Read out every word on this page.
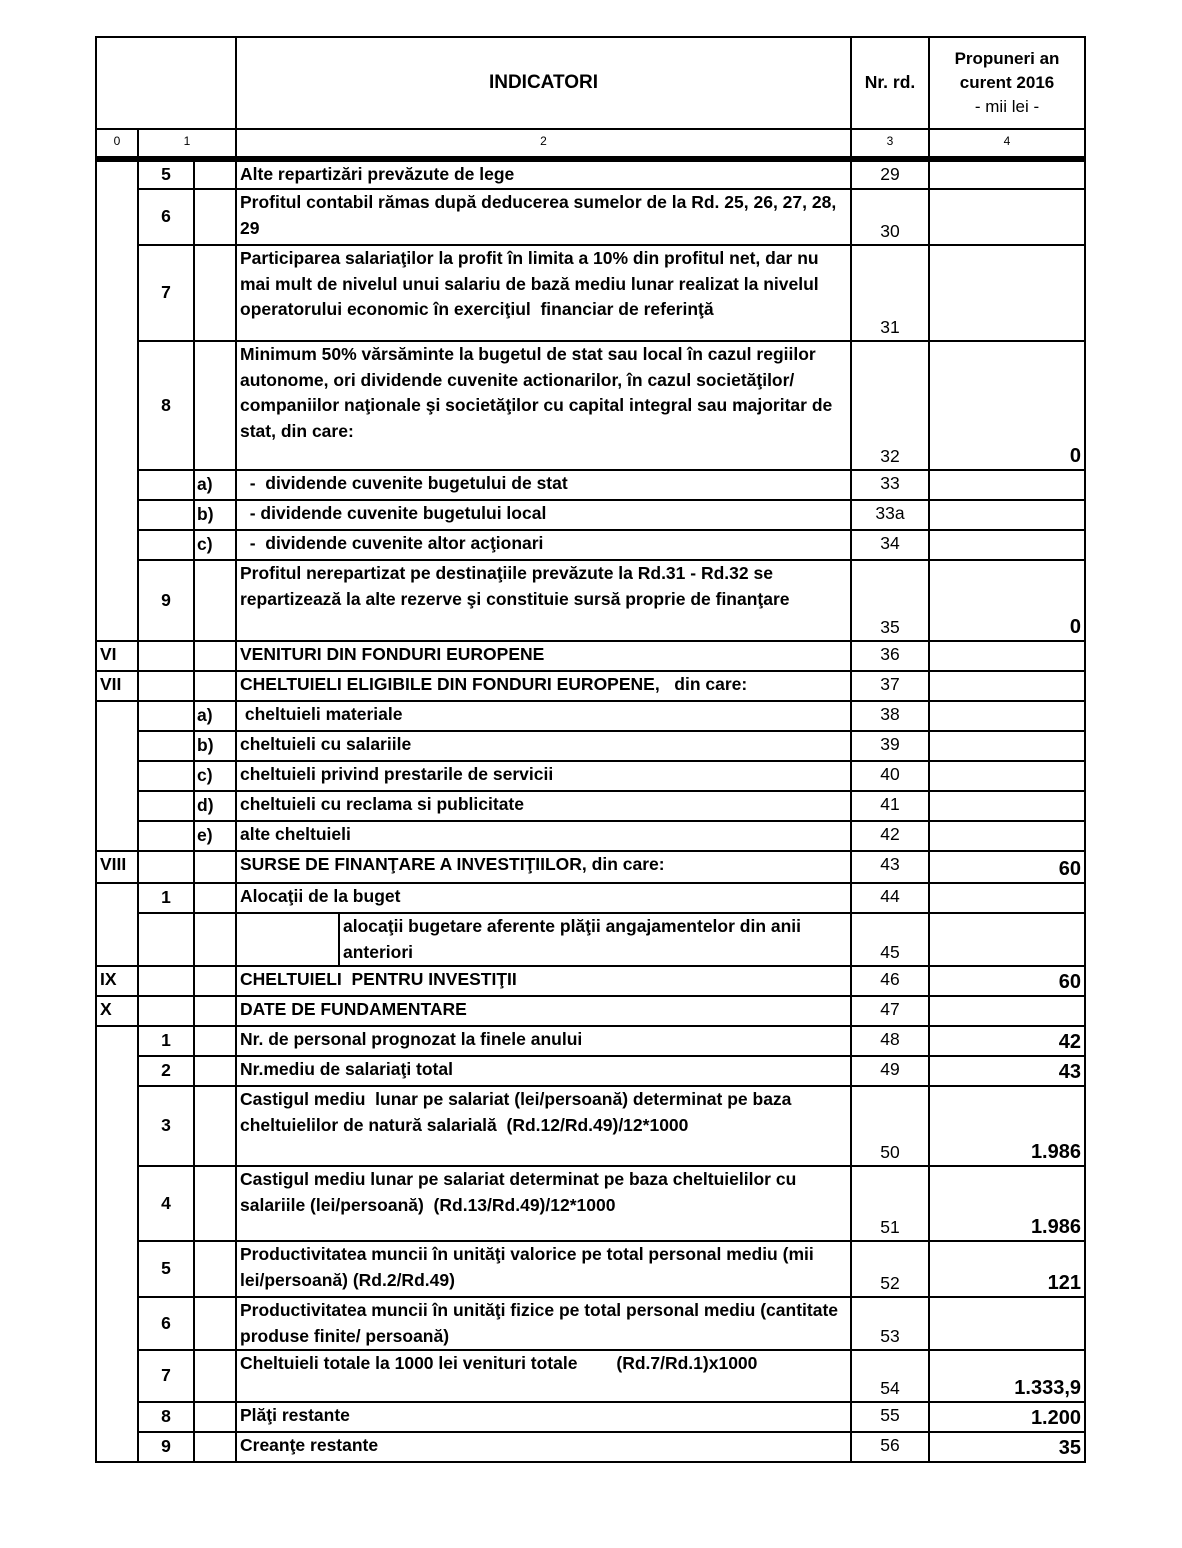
			INDICATORI	Nr. rd.	Propuneri an
curent 2016
- mii lei -

0	1		2	3	4
	5		Alte repartizări prevăzute de lege	29	
	6		Profitul contabil rămas după deducerea sumelor de la Rd. 25, 26, 27, 28, 29	30	
	7		Participarea salariaţilor la profit în limita a 10% din profitul net, dar nu mai mult de nivelul unui salariu de bază mediu lunar realizat la nivelul operatorului economic în exerciţiul  financiar de referinţă	31	
	8		Minimum 50% vărsăminte la bugetul de stat sau local în cazul regiilor autonome, ori dividende cuvenite actionarilor, în cazul societăţilor/ companiilor naţionale şi societăţilor cu capital integral sau majoritar de stat, din care:	32	0
		a)	-  dividende cuvenite bugetului de stat	33	
		b)	- dividende cuvenite bugetului local	33a	
		c)	-  dividende cuvenite altor acţionari	34	
	9		Profitul nerepartizat pe destinaţiile prevăzute la Rd.31 - Rd.32 se repartizează la alte rezerve şi constituie sursă proprie de finanţare	35	0
VI			VENITURI DIN FONDURI EUROPENE	36	
VII			CHELTUIELI ELIGIBILE DIN FONDURI EUROPENE,   din care:	37	
		a)	cheltuieli materiale	38	
		b)	cheltuieli cu salariile	39	
		c)	cheltuieli privind prestarile de servicii	40	
		d)	cheltuieli cu reclama si publicitate	41	
		e)	alte cheltuieli	42	
VIII			SURSE DE FINANŢARE A INVESTIŢIILOR, din care:	43	60
	1		Alocaţii de la buget	44	

			alocaţii bugetare aferente plăţii angajamentelor din anii anteriori	45	
IX			CHELTUIELI  PENTRU INVESTIŢII	46	60
X			DATE DE FUNDAMENTARE	47	
	1		Nr. de personal prognozat la finele anului	48	42
	2		Nr.mediu de salariaţi total	49	43
	3		Castigul mediu  lunar pe salariat (lei/persoană) determinat pe baza cheltuielilor de natură salarială  (Rd.12/Rd.49)/12*1000	50	1.986
	4		Castigul mediu lunar pe salariat determinat pe baza cheltuielilor cu salariile (lei/persoană)  (Rd.13/Rd.49)/12*1000	51	1.986
	5		Productivitatea muncii în unităţi valorice pe total personal mediu (mii lei/persoană) (Rd.2/Rd.49)	52	121
	6		Productivitatea muncii în unităţi fizice pe total personal mediu (cantitate produse finite/ persoană)	53	
	7		Cheltuieli totale la 1000 lei venituri totale        (Rd.7/Rd.1)x1000	54	1.333,9
	8		Plăţi restante	55	1.200
	9		Creanţe restante	56	35
